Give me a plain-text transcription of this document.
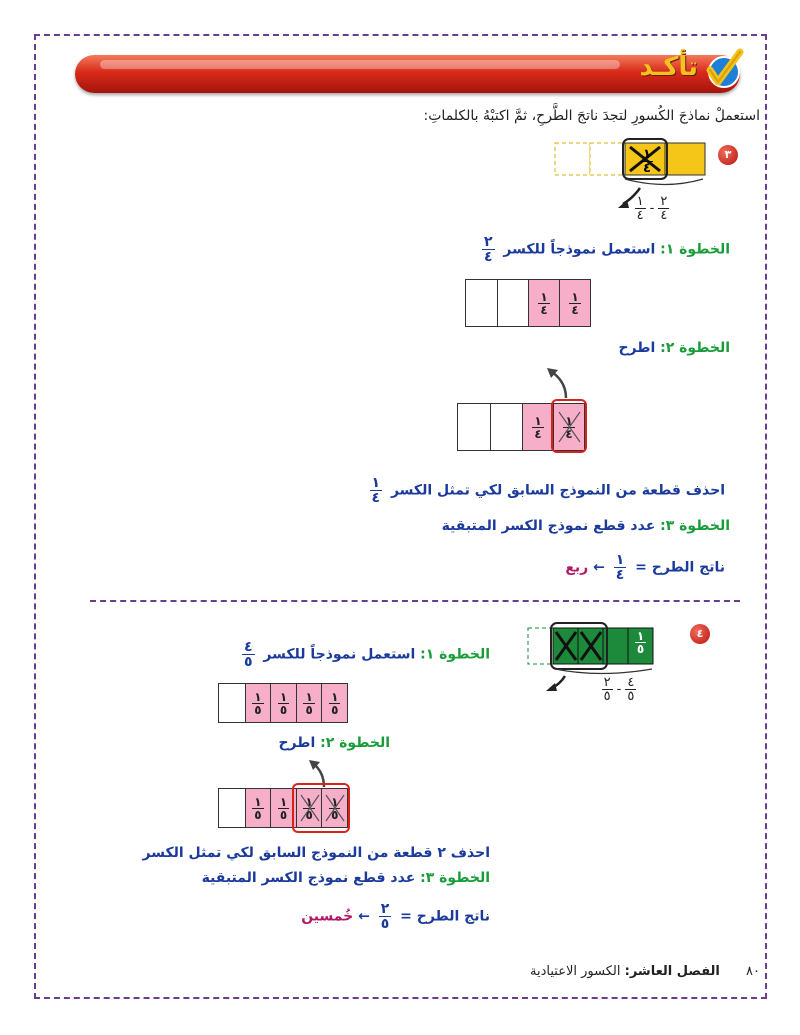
تأكـد
استعملْ نماذجَ الكُسورِ لتجدَ ناتجَ الطَّرحِ، ثمَّ اكتبْهُ بالكلماتِ:
٣
$\frac{١}{٤}$
$\frac{٢}{٤}$
-
$\frac{١}{٤}$
الخطوة ١: استعمل نموذجاً للكسر
$\frac{٢}{٤}$
$\frac{١}{٤} \frac{١}{٤}$
الخطوة ٢: اطرح
$\frac{١}{٤} \frac{١}{٤}$
احذف قطعة من النموذج السابق لكي تمثل الكسر
$\frac{١}{٤}$
الخطوة ٣: عدد قطع نموذج الكسر المتبقية
ناتج الطرح =
$\frac{١}{٤}$
← ربع
٤
$\frac{١}{٥} \frac{١}{٥}$
$\frac{٤}{٥}$
-
$\frac{٢}{٥}$
الخطوة ١: استعمل نموذجاً للكسر
$\frac{٤}{٥}$
$\frac{١}{٥} \frac{١}{٥} \frac{١}{٥} \frac{١}{٥}$
الخطوة ٢: اطرح
$\frac{١}{٥} \frac{١}{٥} \frac{١}{٥} \frac{١}{٥}$
احذف ٢ قطعة من النموذج السابق لكي تمثل الكسر
الخطوة ٣: عدد قطع نموذج الكسر المتبقية
ناتج الطرح =
$\frac{٢}{٥}$
← خُمسين
٨٠ الفصل العاشر: الكسور الاعتيادية
